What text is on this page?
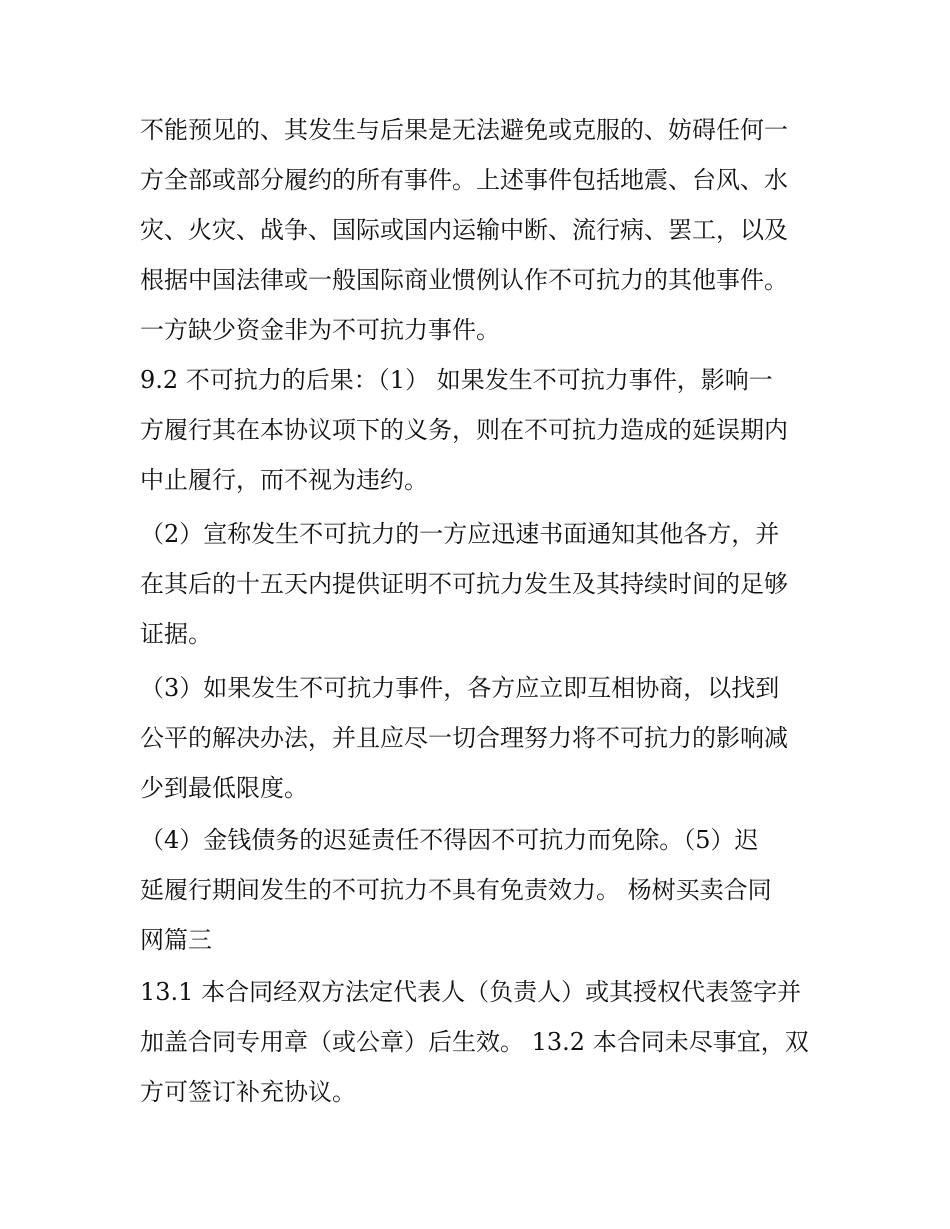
不能预见的、其发生与后果是无法避免或克服的、妨碍任何一
方全部或部分履约的所有事件。上述事件包括地震、台风、水
灾、火灾、战争、国际或国内运输中断、流行病、罢工，以及
根据中国法律或一般国际商业惯例认作不可抗力的其他事件。
一方缺少资金非为不可抗力事件。
9.2 不可抗力的后果：（1） 如果发生不可抗力事件，影响一
方履行其在本协议项下的义务，则在不可抗力造成的延误期内
中止履行，而不视为违约。
（2）宣称发生不可抗力的一方应迅速书面通知其他各方，并
在其后的十五天内提供证明不可抗力发生及其持续时间的足够
证据。
（3）如果发生不可抗力事件，各方应立即互相协商，以找到
公平的解决办法，并且应尽一切合理努力将不可抗力的影响减
少到最低限度。
（4）金钱债务的迟延责任不得因不可抗力而免除。（5）迟
延履行期间发生的不可抗力不具有免责效力。 杨树买卖合同
网篇三
13.1 本合同经双方法定代表人（负责人）或其授权代表签字并
加盖合同专用章（或公章）后生效。 13.2 本合同未尽事宜，双
方可签订补充协议。
